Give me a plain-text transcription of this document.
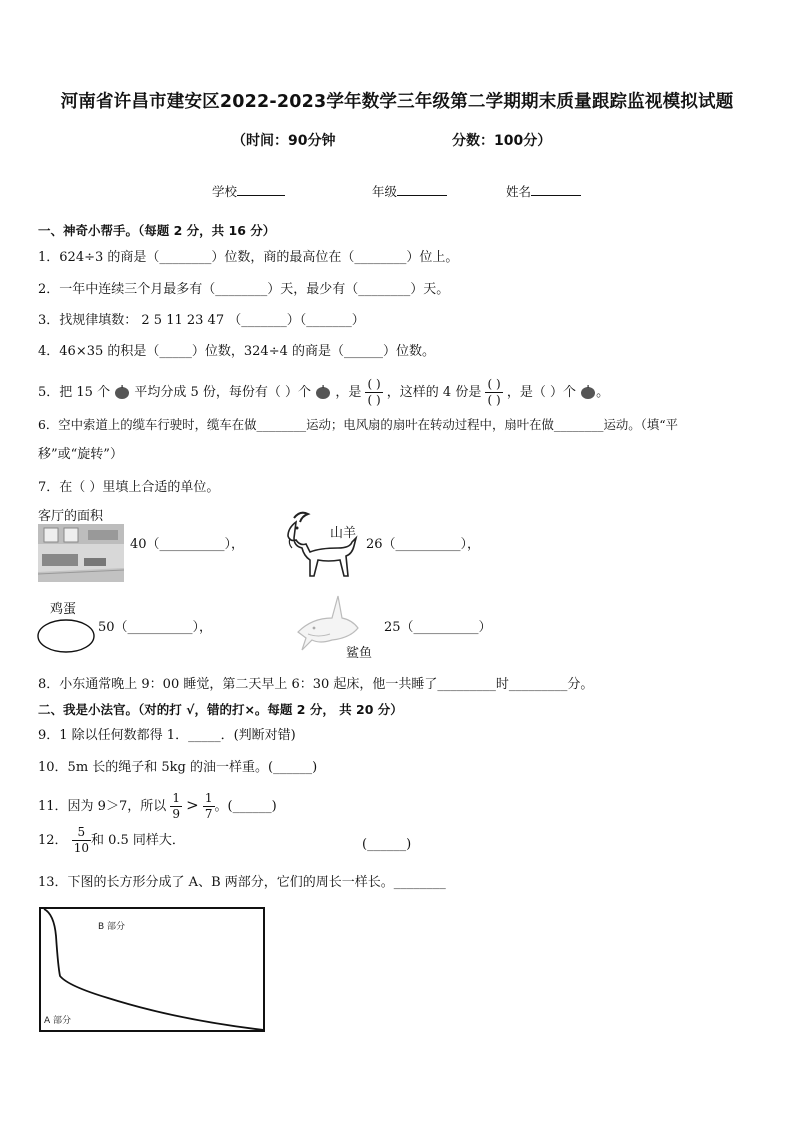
河南省许昌市建安区2022-2023学年数学三年级第二学期期末质量跟踪监视模拟试题
（时间：90分钟	分数：100分）
学校	年级	姓名
一、神奇小帮手。（每题 2 分，共 16 分）
1．624÷3 的商是（________）位数，商的最高位在（________）位上。
2．一年中连续三个月最多有（________）天，最少有（________）天。
3．找规律填数： 2 5 11 23 47 （_______）（_______）
4．46×35 的积是（_____）位数，324÷4 的商是（______）位数。
5．把 15 个 平均分成 5 份，每份有（ ）个 ，是 $\frac{( )}{( )}$ ，这样的 4 份是 $\frac{( )}{( )}$ ，是（ ）个 。
6．空中索道上的缆车行驶时，缆车在做________运动；电风扇的扇叶在转动过程中，扇叶在做________运动。（填“平
移”或“旋转”）
7．在（ ）里填上合适的单位。
客厅的面积
40（__________），
山羊
26（__________），
鸡蛋
50（__________），
鲨鱼
25（__________）
8．小东通常晚上 9：00 睡觉，第二天早上 6：30 起床，他一共睡了_________时_________分。
二、我是小法官。（对的打 √，错的打×。每题 2 分， 共 20 分）
9．1 除以任何数都得 1．_____．(判断对错)
10．5m 长的绳子和 5kg 的油一样重。(______)
11．因为 9＞7，所以 $\frac{1}{9} > \frac{1}{7}$ 。(______)
12． $\frac{5}{10}$ 和 0.5 同样大．	(______)
13．下图的长方形分成了 A、B 两部分，它们的周长一样长。________
B 部分
A 部分
